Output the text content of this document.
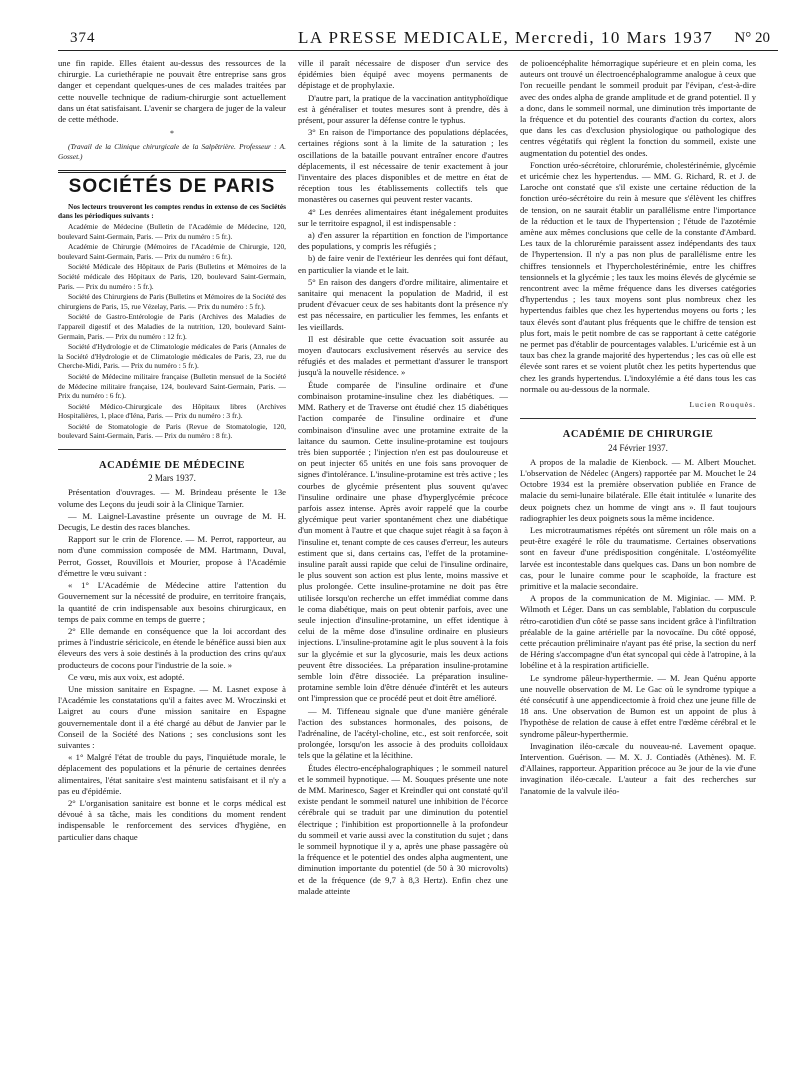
374	LA PRESSE MEDICALE, Mercredi, 10 Mars 1937 N° 20

une fin rapide. Elles étaient au-dessus des ressources de la chirurgie. La curiethérapie ne pouvait être entreprise sans gros danger et cependant quelques-unes de ces malades traitées par cette nouvelle technique de radium-chirurgie sont actuellement dans un état satisfaisant. L'avenir se chargera de juger de la valeur de cette méthode.

*

(Travail de la Clinique chirurgicale de la Salpêtrière. Professeur : A. Gosset.)

SOCIÉTÉS DE PARIS

Nos lecteurs trouveront les comptes rendus in extenso de ces Sociétés dans les périodiques suivants :

Académie de Médecine (Bulletin de l'Académie de Médecine, 120, boulevard Saint-Germain, Paris. — Prix du numéro : 5 fr.).

Académie de Chirurgie (Mémoires de l'Académie de Chirurgie, 120, boulevard Saint-Germain, Paris. — Prix du numéro : 6 fr.).

Société Médicale des Hôpitaux de Paris (Bulletins et Mémoires de la Société médicale des Hôpitaux de Paris, 120, boulevard Saint-Germain, Paris. — Prix du numéro : 5 fr.).

Société des Chirurgiens de Paris (Bulletins et Mémoires de la Société des chirurgiens de Paris, 15, rue Vézelay, Paris. — Prix du numéro : 5 fr.).

Société de Gastro-Entérologie de Paris (Archives des Maladies de l'appareil digestif et des Maladies de la nutrition, 120, boulevard Saint-Germain, Paris. — Prix du numéro : 12 fr.).

Société d'Hydrologie et de Climatologie médicales de Paris (Annales de la Société d'Hydrologie et de Climatologie médicales de Paris, 23, rue du Cherche-Midi, Paris. — Prix du numéro : 5 fr.).

Société de Médecine militaire française (Bulletin mensuel de la Société de Médecine militaire française, 124, boulevard Saint-Germain, Paris. — Prix du numéro : 6 fr.).

Société Médico-Chirurgicale des Hôpitaux libres (Archives Hospitalières, 1, place d'Iéna, Paris. — Prix du numéro : 3 fr.).

Société de Stomatologie de Paris (Revue de Stomatologie, 120, boulevard Saint-Germain, Paris. — Prix du numéro : 8 fr.).

ACADÉMIE DE MÉDECINE
2 Mars 1937.

Présentation d'ouvrages. — M. Brindeau présente le 13e volume des Leçons du jeudi soir à la Clinique Tarnier.

— M. Laignel-Lavastine présente un ouvrage de M. H. Decugis, Le destin des races blanches.

Rapport sur le crin de Florence. — M. Perrot, rapporteur, au nom d'une commission composée de MM. Hartmann, Duval, Perrot, Gosset, Rouvillois et Mourier, propose à l'Académie d'émettre le vœu suivant :

« 1° L'Académie de Médecine attire l'attention du Gouvernement sur la nécessité de produire, en territoire français, la quantité de crin indispensable aux besoins chirurgicaux, en temps de paix comme en temps de guerre ;

2° Elle demande en conséquence que la loi accordant des primes à l'industrie séricicole, en étende le bénéfice aussi bien aux éleveurs des vers à soie destinés à la production des crins qu'aux producteurs de cocons pour l'industrie de la soie. »

Ce vœu, mis aux voix, est adopté.

Une mission sanitaire en Espagne. — M. Lasnet expose à l'Académie les constatations qu'il a faites avec M. Wroczinski et Laigret au cours d'une mission sanitaire en Espagne gouvernementale dont il a été chargé au début de Janvier par le Conseil de la Société des Nations ; ses conclusions sont les suivantes :

« 1° Malgré l'état de trouble du pays, l'inquiétude morale, le déplacement des populations et la pénurie de certaines denrées alimentaires, l'état sanitaire s'est maintenu satisfaisant et il n'y a pas eu d'épidémie.

2° L'organisation sanitaire est bonne et le corps médical est dévoué à sa tâche, mais les conditions du moment rendent indispensable le renforcement des services d'hygiène, en particulier dans chaque

ville il paraît nécessaire de disposer d'un service des épidémies bien équipé avec moyens permanents de dépistage et de prophylaxie.

D'autre part, la pratique de la vaccination antityphoïdique est à généraliser et toutes mesures sont à prendre, dès à présent, pour assurer la défense contre le typhus.

3° En raison de l'importance des populations déplacées, certaines régions sont à la limite de la saturation ; les oscillations de la bataille pouvant entraîner encore d'autres déplacements, il est nécessaire de tenir exactement à jour l'inventaire des places disponibles et de mettre en état de réception tous les établissements collectifs tels que monastères ou casernes qui peuvent rester vacants.

4° Les denrées alimentaires étant inégalement produites sur le territoire espagnol, il est indispensable :

a) d'en assurer la répartition en fonction de l'importance des populations, y compris les réfugiés ;

b) de faire venir de l'extérieur les denrées qui font défaut, en particulier la viande et le lait.

5° En raison des dangers d'ordre militaire, alimentaire et sanitaire qui menacent la population de Madrid, il est prudent d'évacuer ceux de ses habitants dont la présence n'y est pas nécessaire, en particulier les femmes, les enfants et les vieillards.

Il est désirable que cette évacuation soit assurée au moyen d'autocars exclusivement réservés au service des réfugiés et des malades et permettant d'assurer le transport jusqu'à la nouvelle résidence. »

Étude comparée de l'insuline ordinaire et d'une combinaison protamine-insuline chez les diabétiques. — MM. Rathery et de Traverse ont étudié chez 15 diabétiques l'action comparée de l'insuline ordinaire et d'une combinaison d'insuline avec une protamine extraite de la laitance du saumon. Cette insuline-protamine est toujours très bien supportée ; l'injection n'en est pas douloureuse et on peut injecter 65 unités en une fois sans provoquer de signes d'intolérance. L'insuline-protamine est très active ; les courbes de glycémie présentent plus souvent qu'avec l'insuline ordinaire une phase d'hyperglycémie précoce parfois assez intense. Après avoir rappelé que la courbe glycémique peut varier spontanément chez une diabétique d'un moment à l'autre et que chaque sujet réagit à sa façon à l'insuline et, tenant compte de ces causes d'erreur, les auteurs estiment que si, dans certains cas, l'effet de la protamine-insuline paraît aussi rapide que celui de l'insuline ordinaire, le plus souvent son action est plus lente, moins massive et plus prolongée. Cette insuline-protamine ne doit pas être utilisée lorsqu'on recherche un effet immédiat comme dans le coma diabétique, mais on peut obtenir parfois, avec une seule injection d'insuline-protamine, un effet identique à celui de la même dose d'insuline ordinaire en plusieurs injections. L'insuline-protamine agit le plus souvent à la fois sur la glycémie et sur la glycosurie, mais les deux actions peuvent être dissociées. La préparation insuline-protamine semble loin d'être dissociée. La préparation insuline-protamine semble loin d'être dénuée d'intérêt et les auteurs ont l'impression que ce procédé peut et doit être amélioré.

— M. Tiffeneau signale que d'une manière générale l'action des substances hormonales, des poisons, de l'adrénaline, de l'acétyl-choline, etc., est soit renforcée, soit prolongée, lorsqu'on les associe à des produits colloïdaux tels que la gélatine et la lécithine.

Études électro-encéphalographiques ; le sommeil naturel et le sommeil hypnotique. — M. Souques présente une note de MM. Marinesco, Sager et Kreindler qui ont constaté qu'il existe pendant le sommeil naturel une inhibition de l'écorce cérébrale qui se traduit par une diminution du potentiel électrique ; l'inhibition est proportionnelle à la profondeur du sommeil et varie aussi avec la constitution du sujet ; dans le sommeil hypnotique il y a, après une phase passagère où la fréquence et le potentiel des ondes alpha augmentent, une diminution importante du potentiel (de 50 à 30 microvolts) et de la fréquence (de 9,7 à 8,3 Hertz). Enfin chez une malade atteinte

de polioencéphalite hémorragique supérieure et en plein coma, les auteurs ont trouvé un électroencéphalogramme analogue à ceux que l'on recueille pendant le sommeil produit par l'évipan, c'est-à-dire avec des ondes alpha de grande amplitude et de grand potentiel. Il y a donc, dans le sommeil normal, une diminution très importante de la fréquence et du potentiel des courants d'action du cortex, alors que dans les cas d'exclusion physiologique ou pathologique des centres végétatifs qui règlent la fonction du sommeil, existe une augmentation du potentiel des ondes.

Fonction uréo-sécrétoire, chlorurémie, cholestérinémie, glycémie et uricémie chez les hypertendus. — MM. G. Richard, R. et J. de Laroche ont constaté que s'il existe une certaine réduction de la fonction uréo-sécrétoire du rein à mesure que s'élèvent les chiffres de tension, on ne saurait établir un parallélisme entre l'importance de la réduction et le taux de l'hypertension ; l'étude de l'azotémie amène aux mêmes conclusions que celle de la constante d'Ambard. Les taux de la chlorurémie paraissent assez indépendants des taux de l'hypertension. Il n'y a pas non plus de parallélisme entre les chiffres tensionnels et l'hypercholestérinémie, entre les chiffres tensionnels et la glycémie ; les taux les moins élevés de glycémie se rencontrent avec la même fréquence dans les diverses catégories d'hypertendus ; les taux moyens sont plus nombreux chez les hypertendus faibles que chez les hypertendus moyens ou forts ; les taux élevés sont d'autant plus fréquents que le chiffre de tension est plus fort, mais le petit nombre de cas se rapportant à cette catégorie ne permet pas d'établir de pourcentages valables. L'uricémie est à un taux bas chez la grande majorité des hypertendus ; les cas où elle est élevée sont rares et se voient plutôt chez les petits hypertendus que chez les grands hypertendus. L'indoxylémie a été dans tous les cas normale ou au-dessous de la normale.

Lucien Rouquès.
ACADÉMIE DE CHIRURGIE
24 Février 1937.

A propos de la maladie de Kienbock. — M. Albert Mouchet. L'observation de Nédelec (Angers) rapportée par M. Mouchet le 24 Octobre 1934 est la première observation publiée en France de malacie du semi-lunaire bilatérale. Elle était intitulée « lunarite des deux poignets chez un homme de vingt ans ». Il faut toujours radiographier les deux poignets sous la même incidence.

Les microtraumatismes répétés ont sûrement un rôle mais on a peut-être exagéré le rôle du traumatisme. Certaines observations sont en faveur d'une prédisposition congénitale. L'ostéomyélite larvée est incontestable dans quelques cas. Dans un bon nombre de cas, pour le lunaire comme pour le scaphoïde, la fracture est primitive et la malacie secondaire.

A propos de la communication de M. Miginiac. — MM. P. Wilmoth et Léger. Dans un cas semblable, l'ablation du corpuscule rétro-carotidien d'un côté se passe sans incident grâce à l'infiltration préalable de la gaine artérielle par la novocaïne. Du côté opposé, cette précaution préliminaire n'ayant pas été prise, la section du nerf de Héring s'accompagne d'un état syncopal qui cède à l'atropine, à la lobéline et à la respiration artificielle.

Le syndrome pâleur-hyperthermie. — M. Jean Quénu apporte une nouvelle observation de M. Le Gac où le syndrome typique a été consécutif à une appendicectomie à froid chez une jeune fille de 18 ans. Une observation de Bumon est un appoint de plus à l'hypothèse de relation de cause à effet entre l'œdème cérébral et le syndrome pâleur-hyperthermie.

Invagination iléo-cæcale du nouveau-né. Lavement opaque. Intervention. Guérison. — M. X. J. Contiadès (Athènes). M. F. d'Allaines, rapporteur. Apparition précoce au 3e jour de la vie d'une invagination iléo-cæcale. L'auteur a fait des recherches sur l'anatomie de la valvule iléo-
